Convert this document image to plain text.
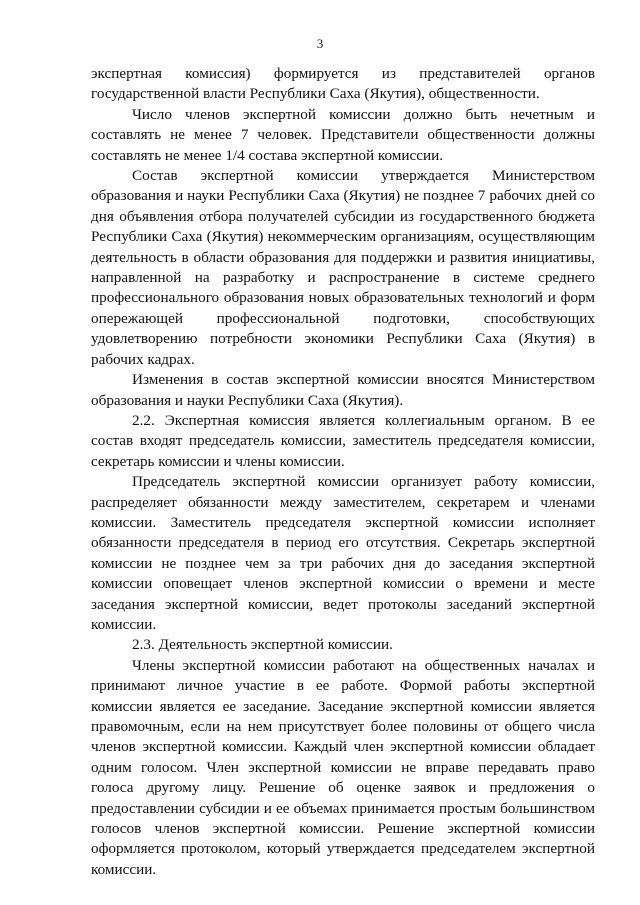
3

экспертная комиссия) формируется из представителей органов государственной власти Республики Саха (Якутия), общественности.

Число членов экспертной комиссии должно быть нечетным и составлять не менее 7 человек. Представители общественности должны составлять не менее 1/4 состава экспертной комиссии.

Состав экспертной комиссии утверждается Министерством образования и науки Республики Саха (Якутия) не позднее 7 рабочих дней со дня объявления отбора получателей субсидии из государственного бюджета Республики Саха (Якутия) некоммерческим организациям, осуществляющим деятельность в области образования для поддержки и развития инициативы, направленной на разработку и распространение в системе среднего профессионального образования новых образовательных технологий и форм опережающей профессиональной подготовки, способствующих удовлетворению потребности экономики Республики Саха (Якутия) в рабочих кадрах.

Изменения в состав экспертной комиссии вносятся Министерством образования и науки Республики Саха (Якутия).

2.2. Экспертная комиссия является коллегиальным органом. В ее состав входят председатель комиссии, заместитель председателя комиссии, секретарь комиссии и члены комиссии.

Председатель экспертной комиссии организует работу комиссии, распределяет обязанности между заместителем, секретарем и членами комиссии. Заместитель председателя экспертной комиссии исполняет обязанности председателя в период его отсутствия. Секретарь экспертной комиссии не позднее чем за три рабочих дня до заседания экспертной комиссии оповещает членов экспертной комиссии о времени и месте заседания экспертной комиссии, ведет протоколы заседаний экспертной комиссии.

2.3. Деятельность экспертной комиссии.

Члены экспертной комиссии работают на общественных началах и принимают личное участие в ее работе. Формой работы экспертной комиссии является ее заседание. Заседание экспертной комиссии является правомочным, если на нем присутствует более половины от общего числа членов экспертной комиссии. Каждый член экспертной комиссии обладает одним голосом. Член экспертной комиссии не вправе передавать право голоса другому лицу. Решение об оценке заявок и предложения о предоставлении субсидии и ее объемах принимается простым большинством голосов членов экспертной комиссии. Решение экспертной комиссии оформляется протоколом, который утверждается председателем экспертной комиссии.
